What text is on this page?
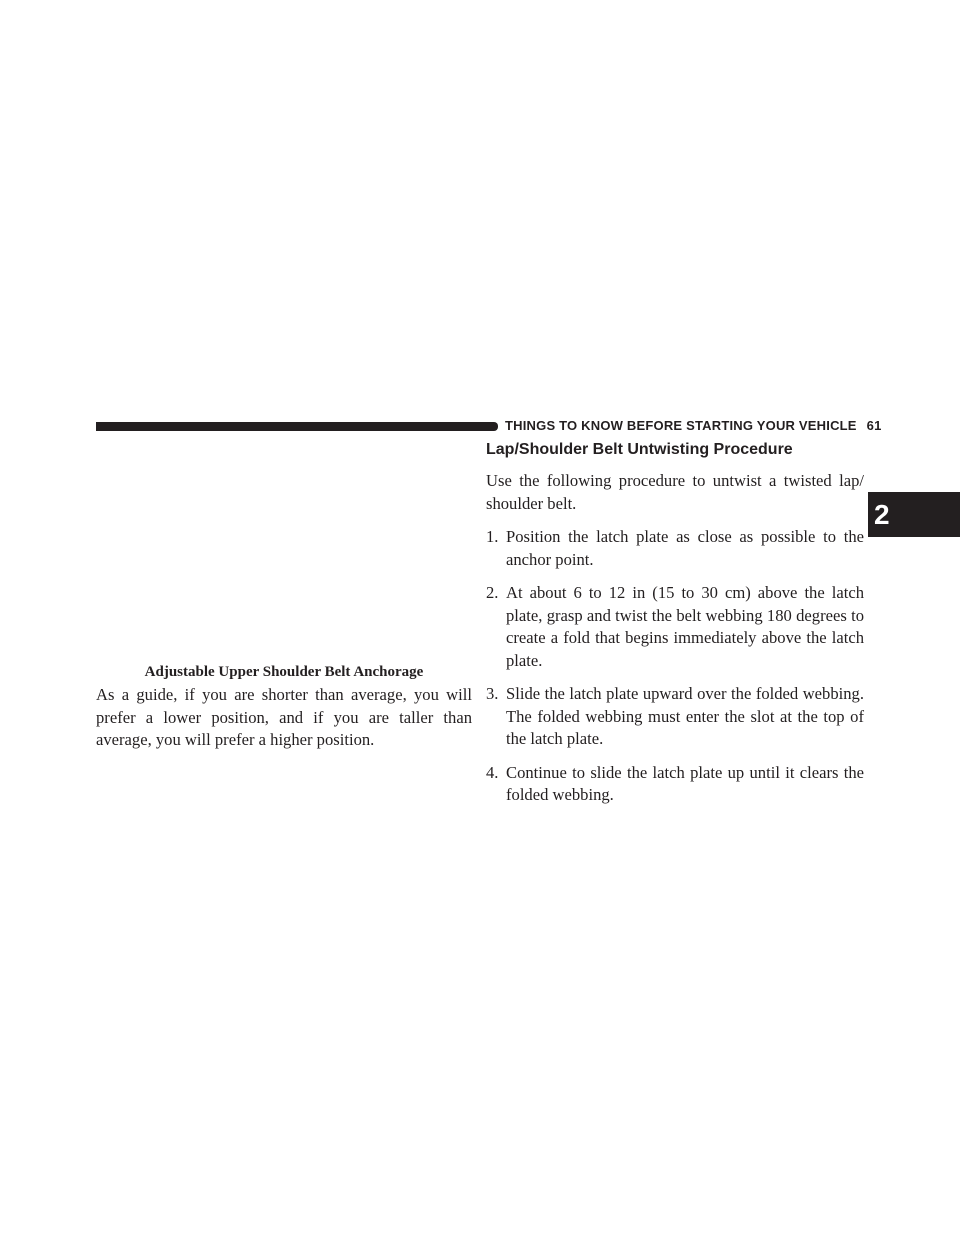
THINGS TO KNOW BEFORE STARTING YOUR VEHICLE 61
2
Adjustable Upper Shoulder Belt Anchorage

As a guide, if you are shorter than average, you will prefer a lower position, and if you are taller than average, you will prefer a higher position.

Lap/Shoulder Belt Untwisting Procedure

Use the following procedure to untwist a twisted lap/ shoulder belt.

1. Position the latch plate as close as possible to the anchor point.
2. At about 6 to 12 in (15 to 30 cm) above the latch plate, grasp and twist the belt webbing 180 degrees to create a fold that begins immediately above the latch plate.
3. Slide the latch plate upward over the folded webbing. The folded webbing must enter the slot at the top of the latch plate.
4. Continue to slide the latch plate up until it clears the folded webbing.
